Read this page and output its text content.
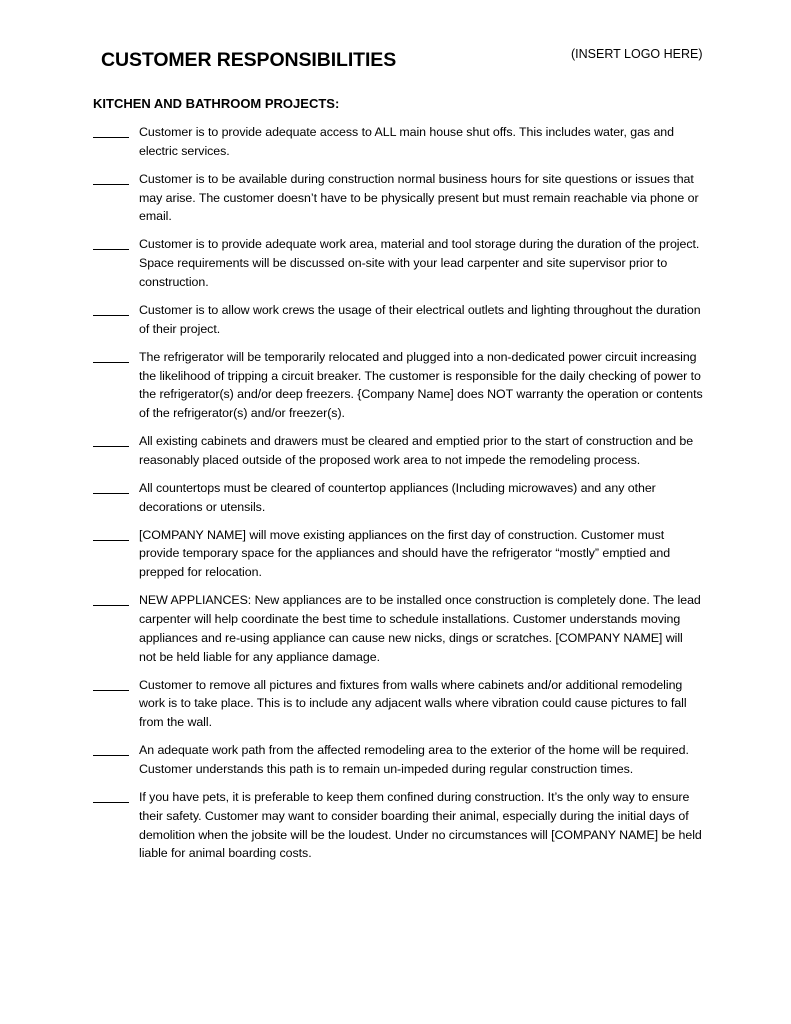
CUSTOMER RESPONSIBILITIES	(INSERT LOGO HERE)
KITCHEN AND BATHROOM PROJECTS:
Customer is to provide adequate access to ALL main house shut offs. This includes water, gas and electric services.
Customer is to be available during construction normal business hours for site questions or issues that may arise. The customer doesn’t have to be physically present but must remain reachable via phone or email.
Customer is to provide adequate work area, material and tool storage during the duration of the project. Space requirements will be discussed on-site with your lead carpenter and site supervisor prior to construction.
Customer is to allow work crews the usage of their electrical outlets and lighting throughout the duration of their project.
The refrigerator will be temporarily relocated and plugged into a non-dedicated power circuit increasing the likelihood of tripping a circuit breaker. The customer is responsible for the daily checking of power to the refrigerator(s) and/or deep freezers. {Company Name] does NOT warranty the operation or contents of the refrigerator(s) and/or freezer(s).
All existing cabinets and drawers must be cleared and emptied prior to the start of construction and be reasonably placed outside of the proposed work area to not impede the remodeling process.
All countertops must be cleared of countertop appliances (Including microwaves) and any other decorations or utensils.
[COMPANY NAME] will move existing appliances on the first day of construction. Customer must provide temporary space for the appliances and should have the refrigerator “mostly” emptied and prepped for relocation.
NEW APPLIANCES: New appliances are to be installed once construction is completely done. The lead carpenter will help coordinate the best time to schedule installations. Customer understands moving appliances and re-using appliance can cause new nicks, dings or scratches. [COMPANY NAME] will not be held liable for any appliance damage.
Customer to remove all pictures and fixtures from walls where cabinets and/or additional remodeling work is to take place. This is to include any adjacent walls where vibration could cause pictures to fall from the wall.
An adequate work path from the affected remodeling area to the exterior of the home will be required. Customer understands this path is to remain un-impeded during regular construction times.
If you have pets, it is preferable to keep them confined during construction. It’s the only way to ensure their safety. Customer may want to consider boarding their animal, especially during the initial days of demolition when the jobsite will be the loudest. Under no circumstances will [COMPANY NAME] be held liable for animal boarding costs.
